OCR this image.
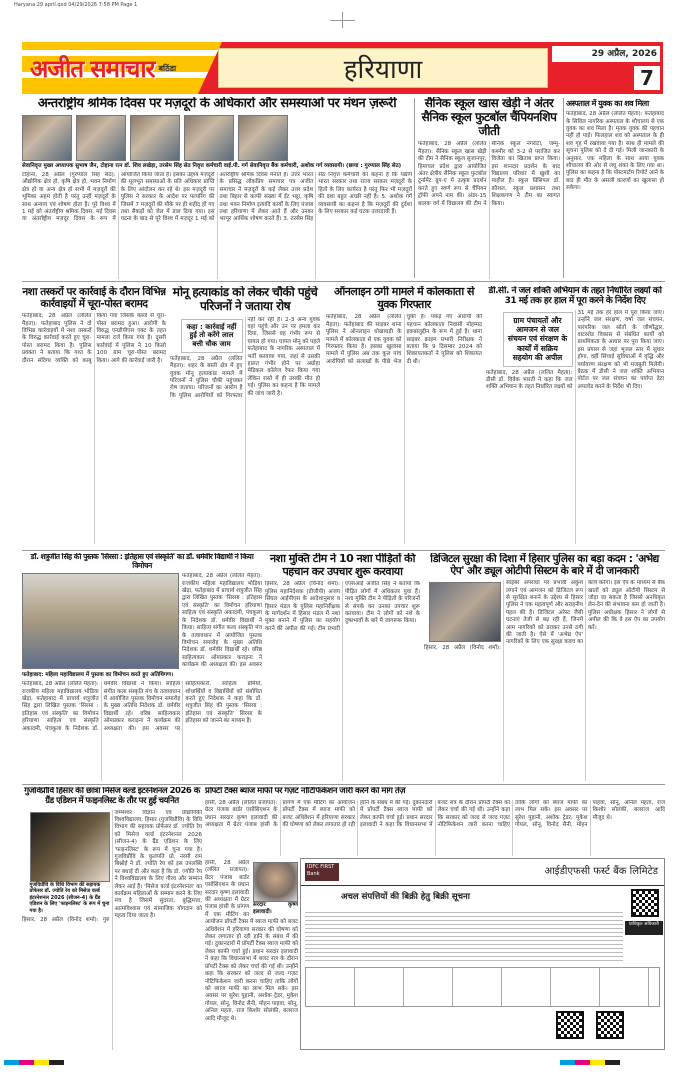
Haryana 29 april.qxd 04/29/2026 7:58 PM Page 1
अजीत समाचार बठिंडा	हरियाणा
29 अप्रैल, 2026
7
अन्तर्राष्ट्रीय श्रमिक दिवस पर मज़दूरों के अधिकारों और समस्याओं पर मंथन ज़रूरी
सेवानिवृत्त मुख्य अध्यापक सुभाष जैन, टोहाना रत्न डॉ. शिव लखेड़ा, तरसेम सिंह सेठ निवृत्त कर्मचारी वाई.पी. गर्ग सेवानिवृत्त बैंक कर्मचारी, अशोक गर्ग व्यवसायी। (छाया : गुरप्याल सिंह सेठ)
टोहाना, 28 अप्रैल (गुरप्याल सिंह सेठ): औद्योगिक क्षेत्र हो, कृषि क्षेत्र हो, भवन निर्माण क्षेत्र हो या अन्य क्षेत्र हो सभी में मज़दूरों की भूमिका अहम होती है परंतु उन्हीं मज़दूरों के साथ अन्याय एवं शोषण होता है। पूरे विश्व में 1 मई को अंतर्राष्ट्रीय श्रमिक दिवस, मई दिवस या अंतर्राष्ट्रीय मज़दूर दिवस के रूप में आयोजित किया जाता है। इसका उद्देश्य मज़दूरों की मूलभूत समस्याओं के प्रति अधिकार प्राप्ति के लिए आंदोलन कर रहे थे। इस मज़दूरी पर पुलिस ने सरकार के आदेश पर फायरिंग की जिसमें 7 मज़दूरों की मौके पर ही शहीद हो गए तथा सैकड़ों को जेल में डाल दिया गया। इस घटना के बाद से पूरे विश्व में मज़दूर 1 मई को अंतर्राष्ट्रीय श्रमिक दिवस मनाते हैं। उत्तर भारत के प्रसिद्ध लोकप्रिय समाचार पत्र अजीत समाचार ने मज़दूरों के कई लेकर उत्तर प्रदेश तथा बिहार से काफी संख्या में ईंट भट्ठा, कृषि तथा भवन निर्माण इत्यादि कार्यों के लिए पंजाब तथा हरियाणा में लेकर आते हैं और उनका भरपूर आर्थिक शोषण करते हैं। 3. तरसेम सिंह सेठ निवृत्त कर्मचारी का कहना है कि यद्यपि भारत सरकार तथा राज्य सरकार मज़दूरों के हितों के लिए कार्यरत है परंतु फिर भी मज़दूरों की दशा बहुत अच्छी नहीं है। 5. अशोक गर्ग व्यवसायी का कहना है कि मज़दूरों की दुर्दशा के लिए सरकार कई घटक उत्तरदायी हैं।
सैनिक स्कूल खास खेड़ी ने अंतर सैनिक स्कूल फुटबॉल चैंपियनशिप जीती
फतेहाबाद, 28 अप्रैल (ललित मैहता): सैनिक स्कूल खास खेड़ी की टीम ने सैनिक स्कूल सुजानपुर, हिमाचल प्रदेश द्वारा आयोजित अंतर क्षेत्रीय सैनिक स्कूल फुटबॉल टूर्नामेंट ग्रुप-ए में उत्कृष्ट प्रदर्शन करते हुए स्वर्ण रूप से चैंपियन ट्रॉफी अपने नाम की। अंडर-15 बालक वर्ग में विद्यालय की टीम ने सैनिक स्कूल नगरोटा, जम्मू-कश्मीर को 3-2 से पराजित कर विजेता का खिताब प्राप्त किया। इस शानदार प्रदर्शन के बाद विद्यालय परिवार में खुशी का माहौल है। स्कूल प्रिंसिपल डॉ. कौशल, स्कूल प्रशासन तथा शिक्षकगण ने टीम का स्वागत किया।
अस्पताल में युवक का शव मिला
फतेहाबाद, 28 अप्रैल (ललित मैहता): फतेहाबाद के सिविल नागरिक अस्पताल के शौचालय से एक युवक का शव मिला है। मृतक युवक की पहचान नहीं हो पाई। फिलहाल शव को अस्पताल के ही शव गृह में रखवाया गया है। साथ ही मामले की सूचना पुलिस को दे दी गई। मिली जानकारी के अनुसार, एक महिला के साथ आया युवक शौचालय की ओर से लघु शंका के लिए गया था। पुलिस का कहना है कि पोस्टमार्टम रिपोर्ट आने के बाद ही मौत के असली कारणों का खुलासा हो सकेगा।
नशा तस्करों पर कार्रवाई के दौरान विभिन्न कार्रवाइयों में चूरा-पोस्त बरामद
फतेहाबाद, 28 अप्रैल (ललित मैहता): फतेहाबाद पुलिस ने दो विभिन्न कार्रवाइयों में नशा तस्करों के विरुद्ध कार्रवाई करते हुए चूरा-पोस्त बरामद किया है। पुलिस प्रवक्ता ने बताया कि गश्त के दौरान संदिग्ध व्यक्ति को काबू किया गया जिसके कब्जे से चूरा-पोस्त बरामद हुआ। आरोपी के विरुद्ध एनडीपीएस एक्ट के तहत मामला दर्ज किया गया है। दूसरी कार्रवाई में पुलिस ने 10 किलो 100 ग्राम चूरा-पोस्त बरामद किया। आगे की कार्रवाई जारी है।
मोनू हत्याकांड को लेकर चौकी पहुंचे परिजनों ने जताया रोष
कहा : कार्रवाई नहीं हुई तो करेंगे लाल बत्ती चौक जाम
फतेहाबाद, 28 अप्रैल (ललित मैहता): शहर के बस्ती क्षेत्र में हुए युवक मोनू हत्याकांड मामले में परिजनों ने पुलिस चौकी पहुंचकर रोष जताया। परिजनों का आरोप है कि पुलिस आरोपियों को गिरफ्तार नहीं कर रही है। 2-3 अन्य युवक वहां पहुंचे और उन पर हमला कर दिया, जिससे वह गंभीर रूप से घायल हो गया। घायल मोनू को पहले फतेहाबाद के नागरिक अस्पताल में भर्ती करवाया गया, जहां से उसकी हालत गंभीर होने पर अग्रोहा मेडिकल कॉलेज रेफर किया गया लेकिन रास्ते में ही उसकी मौत हो गई। पुलिस का कहना है कि मामले की जांच जारी है।
ऑनलाइन ठगी मामले में कोलकाता से युवक गिरफ्तार
फतेहाबाद, 28 अप्रैल (ललित मैहता): फतेहाबाद की साइबर थाना पुलिस ने ऑनलाइन धोखाधड़ी के मामले में कोलकाता से एक युवक को गिरफ्तार किया है। इसका खुलासा मामले में पुलिस अब तक कुल पांच आरोपियों को सलाखों के पीछे भेज चुकी है। पकड़े गए आरोपी की पहचान कोलकाता निवासी मोहम्मद इकबालुद्दीन के रूप में हुई है। थाना साइबर क्राइम प्रभारी निरीक्षक ने बताया कि 9 दिसम्बर 2024 को शिकायतकर्ता ने पुलिस को शिकायत दी थी।
डी.सी. ने जल शक्ति अभियान के तहत निर्धारित लक्ष्यों को 31 मई तक हर हाल में पूरा करने के निर्देश दिए
ग्राम पंचायतों और आमजन से जल संचयन एवं संरक्षण के कार्यों में सक्रिय सहयोग की अपील
फतेहाबाद, 28 अप्रैल (ललित मैहता): डीसी डॉ. विवेक भारती ने कहा कि जल शक्ति अभियान के तहत निर्धारित लक्ष्यों को 31 मई तक हर हाल में पूरा किया जाए। उन्होंने जल संरक्षण, वर्षा जल संचयन, पारंपरिक जल स्रोतों के जीर्णोद्धार, वाटरशेड विकास से संबंधित कार्यों को प्राथमिकता के आधार पर पूरा किया जाए। इस प्रयास से जहां भूजल स्तर में सुधार होगा, वहीं सिंचाई सुविधाओं में वृद्धि और पर्यावरण संरक्षण को भी मजबूती मिलेगी। बैठक में डीसी ने जल शक्ति अभियान पोर्टल पर जल संचयन का पर्याप्त डेटा अपलोड करने के निर्देश भी दिए।
डॉ. शत्रुजीत सिंह की पुस्तक 'सिरसा : इतिहास एवं संस्कृति' का डॉ. धर्मवीर विद्यार्थी ने किया विमोचन
फतेहाबाद, 28 अप्रैल (ललित मैहता): राजकीय महिला महाविद्यालय भोडिया खेड़ा, फतेहाबाद में प्राचार्य शत्रुजीत सिंह द्वारा लिखित पुस्तक 'सिरसा : इतिहास एवं संस्कृति' का विमोचन हरियाणा साहित्य एवं संस्कृति अकादमी, पंचकूला के निदेशक डॉ. धर्मवीर विद्यार्थी ने किया। साहित्य संगीत कला संस्कृति मंच के तत्वावधान में आयोजित पुस्तक विमोचन समारोह के मुख्य अतिथि निदेशक डॉ. धर्मवीर विद्यार्थी रहे। वरिष्ठ साहित्यकार ओमप्रकार कराड़ना ने कार्यक्रम की अध्यक्षता की। इस अवसर
फतेहाबाद: महिला महाविद्यालय में पुस्तक का विमोचन करते हुए अतिथिगण।
फतेहाबाद, 28 अप्रैल (ललित मैहता): राजकीय महिला महाविद्यालय भोडिया खेड़ा, फतेहाबाद में प्राचार्य शत्रुजीत सिंह द्वारा लिखित पुस्तक 'सिरसा : इतिहास एवं संस्कृति' का विमोचन हरियाणा साहित्य एवं संस्कृति अकादमी, पंचकूला के निदेशक डॉ. धर्मवीर विद्यार्थी ने किया। साहित्य संगीत कला संस्कृति मंच के तत्वावधान में आयोजित पुस्तक विमोचन समारोह के मुख्य अतिथि निदेशक डॉ. धर्मवीर विद्यार्थी रहे। वरिष्ठ साहित्यकार ओमप्रकार कराड़ना ने कार्यक्रम की अध्यक्षता की। इस अवसर पर साहित्यकारों, साहित्य प्रेमियों, शोधार्थियों व विद्यार्थियों को संबोधित करते हुए निदेशक ने कहा कि डॉ. शत्रुजीत सिंह की पुस्तक 'सिरसा : इतिहास एवं संस्कृति' सिरसा के इतिहास को जानने का माध्यम है।
नशा मुक्ति टीम ने 10 नशा पीड़ितों की पहचान कर उपचार शुरू करवाया
हिसार, 28 अप्रैल (विनोद शर्मा): पुलिस महानिदेशक (डीजीपी) अजय सिंघल आईपीएस के आदेशानुसार व हिसार मंडल के पुलिस महानिरीक्षक के मार्गदर्शन में हिसार मंडल में नशा मुक्त बनाने में पुलिस का सहयोग करने की अपील की गई। टीम प्रभारी एएसआई अजीत सिंह ने बताया कि पीड़ित लोगों में अधिकतर युवा हैं। नशा मुक्ति टीम ने पीड़ितों के परिजनों से संपर्क कर उनका उपचार शुरू करवाया। टीम ने लोगों को नशे के दुष्प्रभावों के बारे में जागरूक किया।
डिजिटल सुरक्षा की दिशा में हिसार पुलिस का बड़ा कदम : 'अभेद्य ऐप' और ड्यूल ओटीपी सिस्टम के बारे में दी जानकारी
हिसार, 28 अप्रैल (विनोद शर्मा): साइबर अपराधों पर प्रभावी अंकुश लगाने एवं आमजन को डिजिटल रूप से सुरक्षित बनाने के उद्देश्य से हिसार पुलिस ने एक महत्वपूर्ण और सराहनीय पहल की है। डिजिटल अरेस्ट जैसी घटनाएं तेजी से बढ़ रही हैं, जिनमें आम नागरिकों को डराकर उनसे ठगी की जाती है। ऐसे में 'अभेद्य ऐप' नागरिकों के लिए एक सुरक्षा कवच का कार्य करेगा। इस ऐप के माध्यम से बैंक खातों को ड्यूल ओटीपी सिस्टम से जोड़ा जा सकता है जिससे अनधिकृत लेन-देन की संभावना कम हो जाती है। पुलिस अधीक्षक हिसार ने लोगों से अपील की कि वे इस ऐप का उपयोग करें।
गुजविप्रौवि हिसार की छात्रा मिसेज वर्ल्ड इंटरनेशनल 2026 के ग्रैंड एडिशन में फाइनलिस्ट के तौर पर हुई चयनित
गुजविप्रौवि के विधि विभाग की सहायक प्रोफेसर डॉ. ज्योति रेय को मिसेज वर्ल्ड इंटरनेशनल 2026 (सीजन-4) के ग्रैंड एडिशन के लिए 'फाइनलिस्ट' के रूप में चुना गया है।
हिसार, 28 अप्रैल (विनोद शर्मा): गुरु जम्भेश्वर विज्ञान एवं प्रौद्योगिकी विश्वविद्यालय, हिसार (गुजविप्रौवि) के विधि विभाग की सहायक प्रोफेसर डॉ. ज्योति रेय को मिसेज वर्ल्ड इंटरनेशनल 2026 (सीजन-4) के ग्रैंड एडिशन के लिए 'फाइनलिस्ट' के रूप में चुना गया है। गुजविप्रौवि के कुलपति प्रो. नरसी राम बिश्नोई ने डॉ. ज्योति रेय को इस उपलब्धि पर बधाई दी और कहा है कि डॉ. ज्योति रेय ने विश्वविद्यालय के लिए गौरव और सम्मान लेकर आई हैं। 'मिसेज वर्ल्ड इंटरनेशनल' का कार्यक्रम महिलाओं के सम्मान करने के लिए मंच है जिसमें सुंदरता, बुद्धिमत्ता, आत्मविश्वास एवं सामाजिक योगदान को महत्व दिया जाता है।
प्रॉपर्टी टैक्स ब्याज माफी पर गज़ट नोटिफिकेशन जारी करने की मांग तेज़
हांसी, 28 अप्रैल (ललित प्रजापत): ग्रेटर पंजाब बार्डर एसोसिएशन के प्रधान सरदार कृष्ण इलावादी की अध्यक्षता में ग्रेटर पंजाब हांसी के प्रांगण में एक मीटिंग का आयोजन प्रॉपर्टी टैक्स में ब्याज माफी को बजट अधिवेशन में हरियाणा सरकार की घोषणा को लेकर लगातार हो रही हानि के संबंध में की गई। दुकानदारों में प्रॉपर्टी टैक्स ब्याज माफी को लेकर काफी चर्चा हुई। प्रधान सरदार इलावादी ने कहा कि विधानसभा में बजट सत्र के दौरान प्रॉपर्टी टैक्स को लेकर चर्चा की गई थी। उन्होंने कहा कि सरकार को जल्द से जल्द गज़ट नोटिफिकेशन जारी करना चाहिए ताकि लोगों को ब्याज माफी का लाभ मिल सके। इस अवसर पर सुरेश पुहानी, अशोक ट्रेडर, मुकेश गोयल, सोनू, विनोद सैनी, मोहन पाहवा, सोनू, अनिल महता, राज किशोर सोलंकी, बलराज आदि मौजूद थे।
सरदार कृष्ण इलावादी।
हांसी, 28 अप्रैल (ललित प्रजापत): ग्रेटर पंजाब बार्डर एसोसिएशन के प्रधान सरदार कृष्ण इलावादी की अध्यक्षता में ग्रेटर पंजाब हांसी के प्रांगण में एक मीटिंग का आयोजन प्रॉपर्टी टैक्स में ब्याज माफी को बजट अधिवेशन में हरियाणा सरकार की घोषणा को लेकर लगातार हो रही हानि के संबंध में की गई। दुकानदारों में प्रॉपर्टी टैक्स ब्याज माफी को लेकर काफी चर्चा हुई। प्रधान सरदार इलावादी ने कहा कि विधानसभा में बजट सत्र के दौरान प्रॉपर्टी टैक्स को लेकर चर्चा की गई थी। उन्होंने कहा कि सरकार को जल्द से जल्द गज़ट नोटिफिकेशन जारी करना चाहिए ताकि लोगों को ब्याज माफी का लाभ मिल सके। इस अवसर पर सुरेश पुहानी, अशोक ट्रेडर, मुकेश गोयल, सोनू, विनोद सैनी, मोहन पाहवा, सोनू, अनिल महता, राज किशोर सोलंकी, बलराज आदि मौजूद थे।
IDFC FIRST
Bank	आईडीएफसी फर्स्ट बैंक लिमिटेड
अचल संपत्तियों की बिक्री हेतु बिक्री सूचना
प्राधिकृत अधिकारी
